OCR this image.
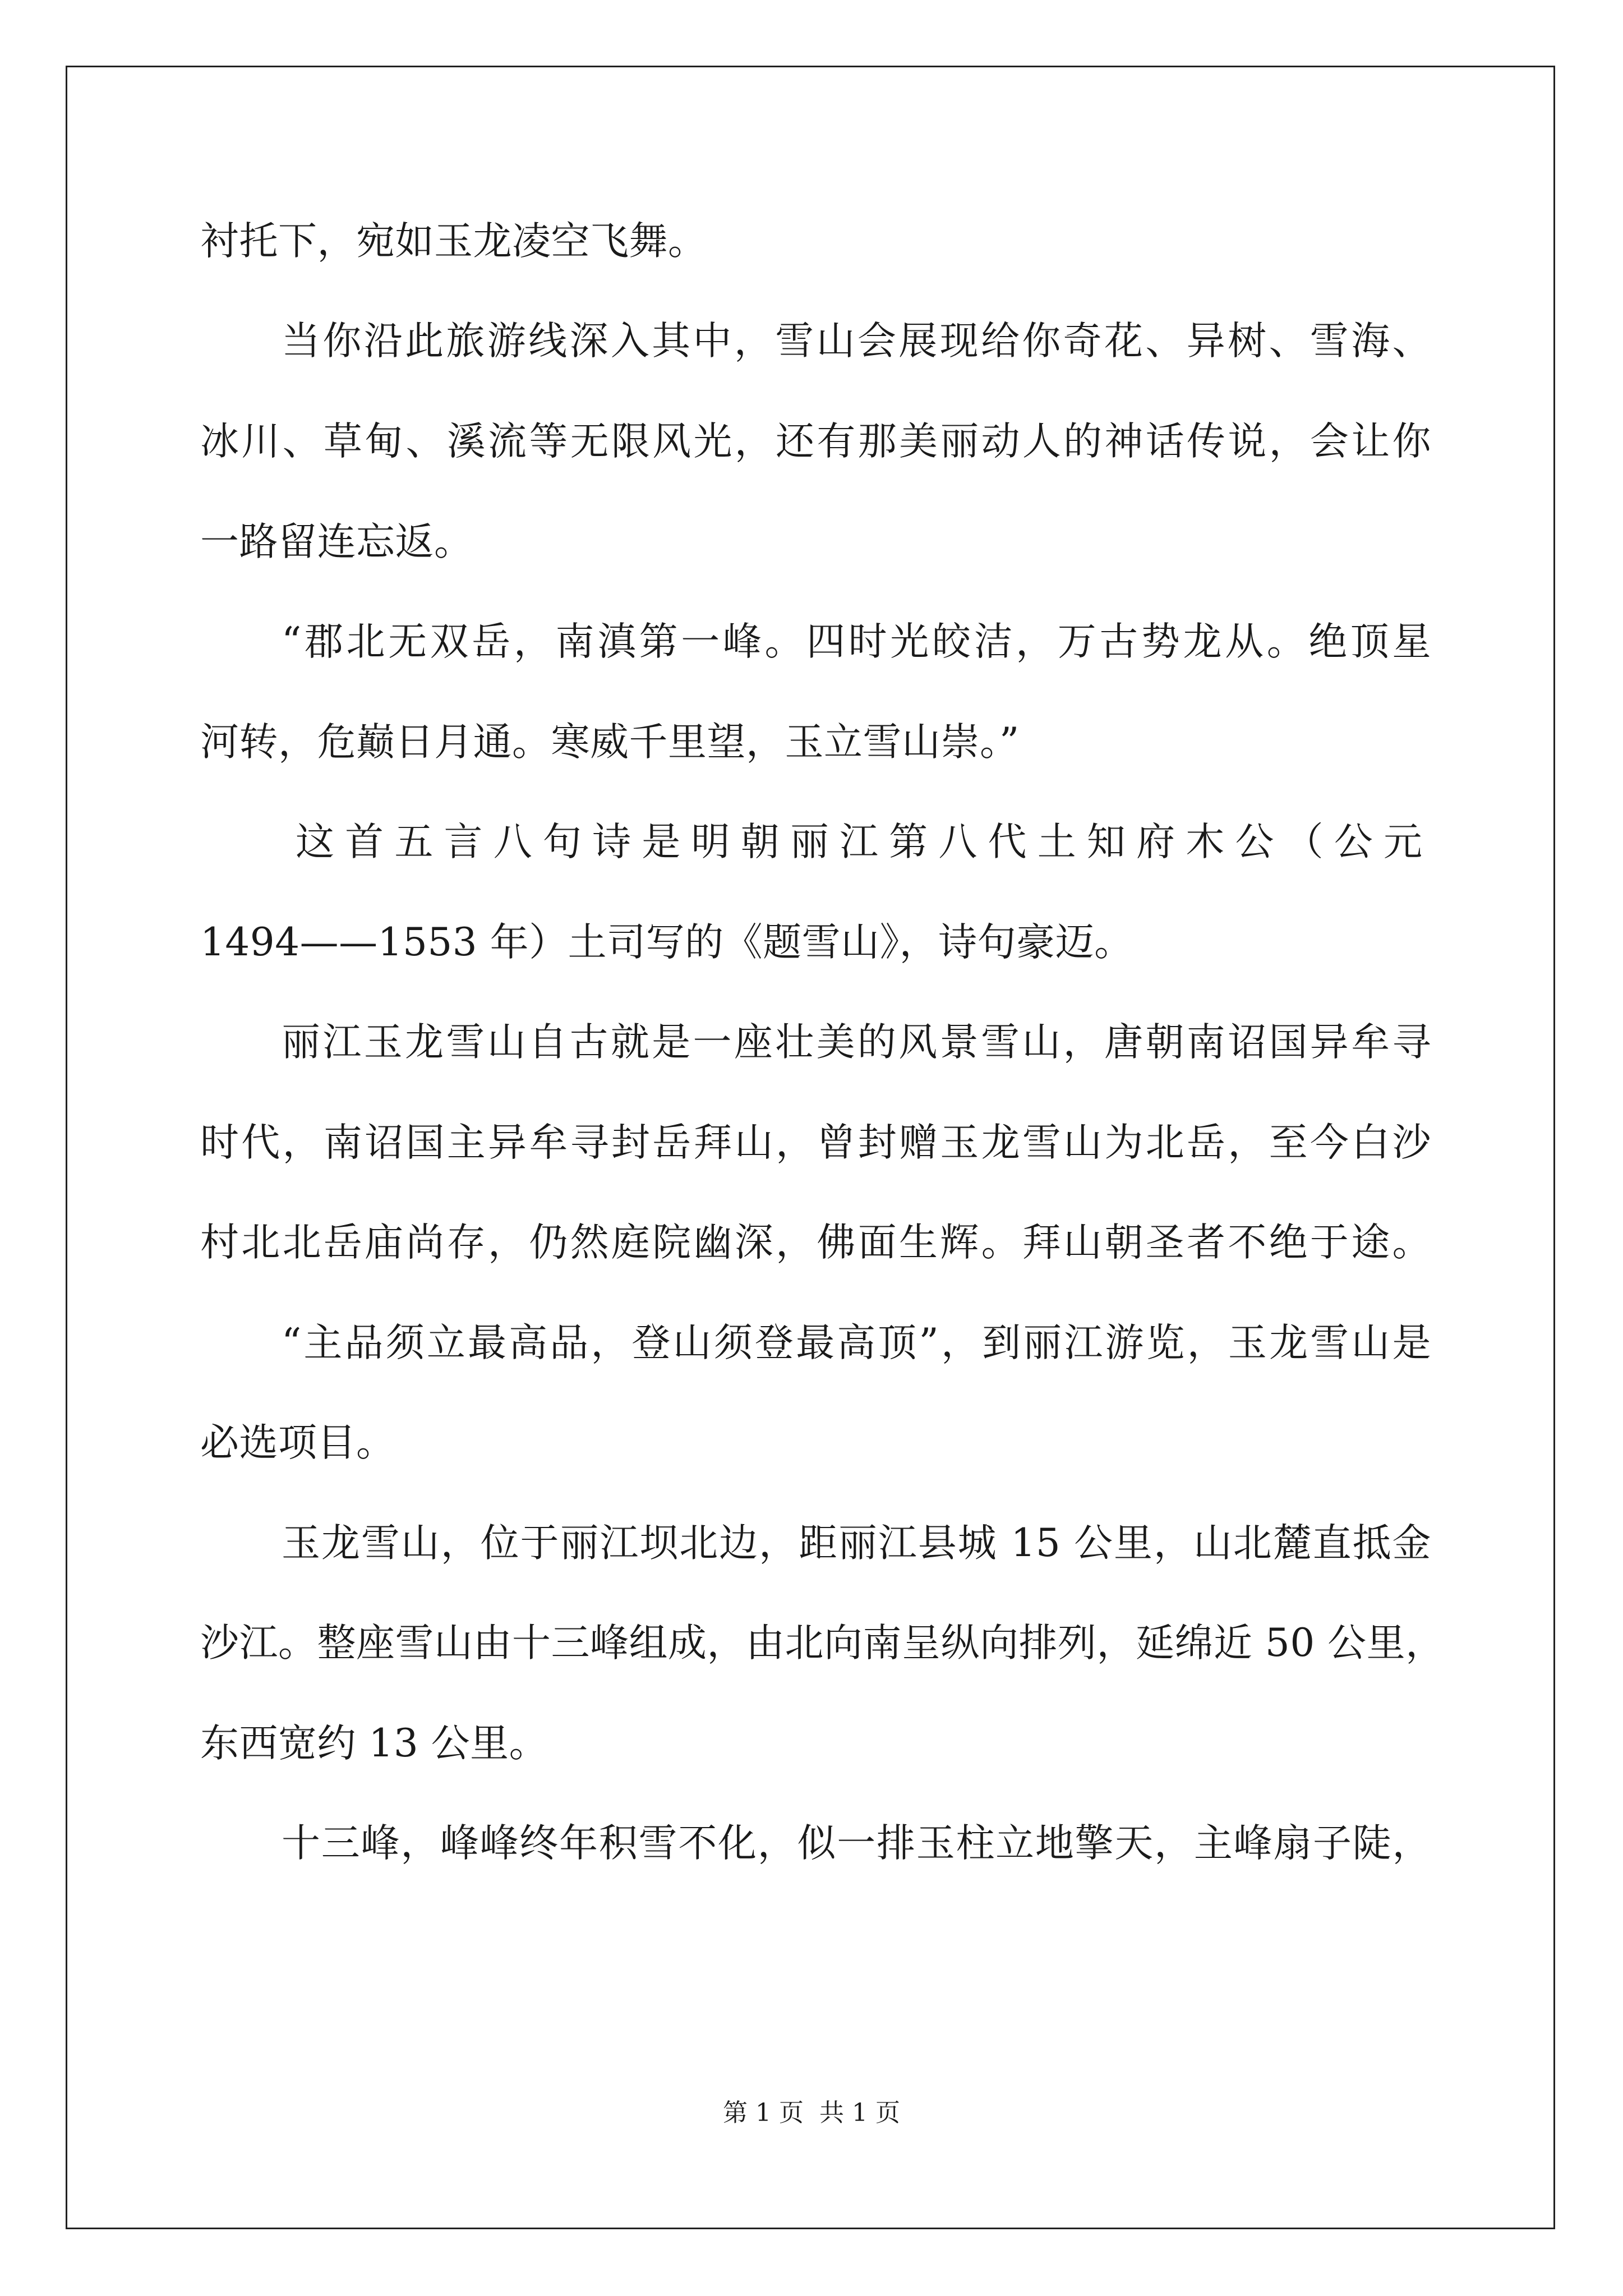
衬托下，宛如玉龙凌空飞舞。
当你沿此旅游线深入其中，雪山会展现给你奇花、异树、雪海、
冰川、草甸、溪流等无限风光，还有那美丽动人的神话传说，会让你
一路留连忘返。
“郡北无双岳，南滇第一峰。四时光皎洁，万古势龙从。绝顶星
河转，危巅日月通。寒威千里望，玉立雪山崇。”
这首五言八句诗是明朝丽江第八代土知府木公（公元
1494——1553 年）土司写的《题雪山》，诗句豪迈。
丽江玉龙雪山自古就是一座壮美的风景雪山，唐朝南诏国异牟寻
时代，南诏国主异牟寻封岳拜山，曾封赠玉龙雪山为北岳，至今白沙
村北北岳庙尚存，仍然庭院幽深，佛面生辉。拜山朝圣者不绝于途。
“主品须立最高品，登山须登最高顶”，到丽江游览，玉龙雪山是
必选项目。
玉龙雪山，位于丽江坝北边，距丽江县城 15 公里，山北麓直抵金
沙江。整座雪山由十三峰组成，由北向南呈纵向排列，延绵近 50 公里，
东西宽约 13 公里。
十三峰，峰峰终年积雪不化，似一排玉柱立地擎天，主峰扇子陡，
第 1 页 共 1 页
